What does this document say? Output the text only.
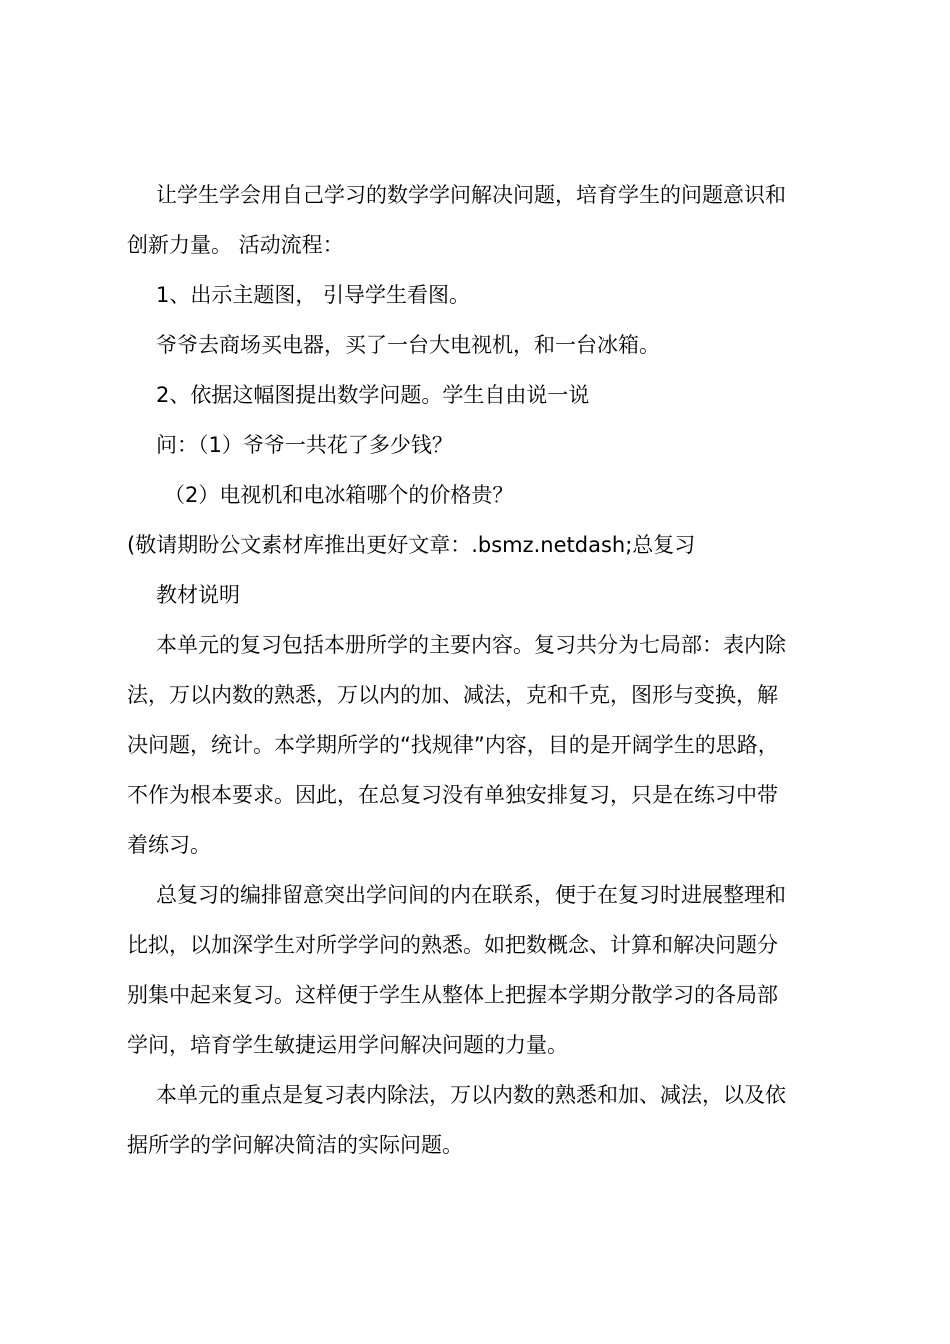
让学生学会用自己学习的数学学问解决问题，培育学生的问题意识和
创新力量。 活动流程：
1、出示主题图， 引导学生看图。
爷爷去商场买电器，买了一台大电视机，和一台冰箱。
2、依据这幅图提出数学问题。学生自由说一说
问：（1）爷爷一共花了多少钱？
（2）电视机和电冰箱哪个的价格贵？
(敬请期盼公文素材库推出更好文章：.bsmz.netdash;总复习
教材说明
本单元的复习包括本册所学的主要内容。复习共分为七局部：表内除
法，万以内数的熟悉，万以内的加、减法，克和千克，图形与变换，解
决问题，统计。本学期所学的“找规律”内容，目的是开阔学生的思路，
不作为根本要求。因此，在总复习没有单独安排复习，只是在练习中带
着练习。
总复习的编排留意突出学问间的内在联系，便于在复习时进展整理和
比拟，以加深学生对所学学问的熟悉。如把数概念、计算和解决问题分
别集中起来复习。这样便于学生从整体上把握本学期分散学习的各局部
学问，培育学生敏捷运用学问解决问题的力量。
本单元的重点是复习表内除法，万以内数的熟悉和加、减法，以及依
据所学的学问解决简洁的实际问题。
